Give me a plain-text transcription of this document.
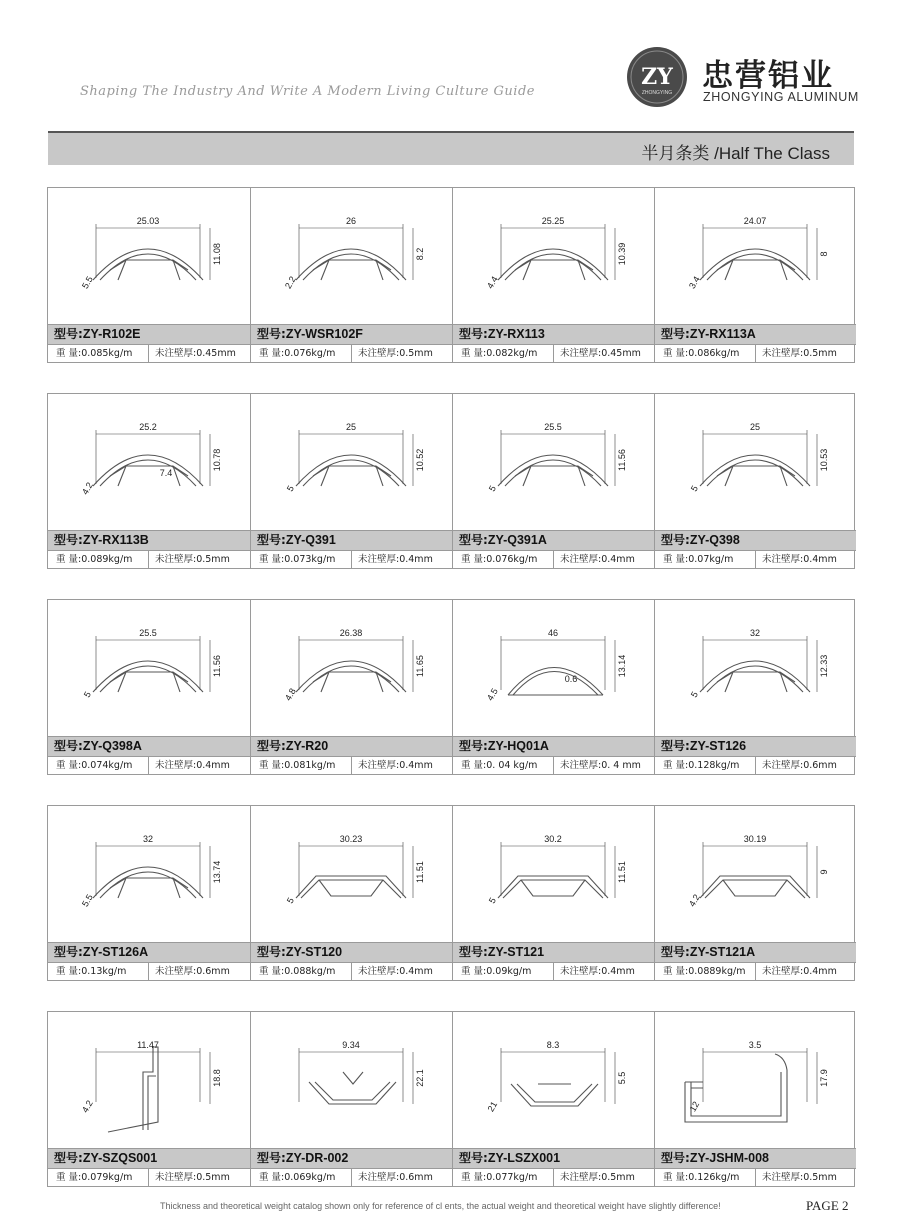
Shaping The Industry And Write A Modern Living Culture Guide
ZY
ZHONGYING 忠营铝业
ZHONGYING ALUMINUM
半月条类 /Half The Class
25.03
11.08
5.5
型号:ZY-R102E
重 量:0.085kg/m	未注壁厚:0.45mm
26
8.2
2.2
型号:ZY-WSR102F
重 量:0.076kg/m	未注壁厚:0.5mm
25.25
10.39
4.4
型号:ZY-RX113
重 量:0.082kg/m	未注壁厚:0.45mm
24.07
8
3.4
型号:ZY-RX113A
重 量:0.086kg/m	未注壁厚:0.5mm
25.2
10.78
4.2
7.4
型号:ZY-RX113B
重 量:0.089kg/m	未注壁厚:0.5mm
25
10.52
5
型号:ZY-Q391
重 量:0.073kg/m	未注壁厚:0.4mm
25.5
11.56
5
型号:ZY-Q391A
重 量:0.076kg/m	未注壁厚:0.4mm
25
10.53
5
型号:ZY-Q398
重 量:0.07kg/m	未注壁厚:0.4mm
25.5
11.56
5
型号:ZY-Q398A
重 量:0.074kg/m	未注壁厚:0.4mm
26.38
11.65
4.8
型号:ZY-R20
重 量:0.081kg/m	未注壁厚:0.4mm
46
13.14
4.5
0.6
型号:ZY-HQ01A
重 量:0. 04 kg/m	未注壁厚:0. 4 mm
32
12.33
5
型号:ZY-ST126
重 量:0.128kg/m	未注壁厚:0.6mm
32
13.74
5.5
型号:ZY-ST126A
重 量:0.13kg/m	未注壁厚:0.6mm
30.23
11.51
5
型号:ZY-ST120
重 量:0.088kg/m	未注壁厚:0.4mm
30.2
11.51
5
型号:ZY-ST121
重 量:0.09kg/m	未注壁厚:0.4mm
30.19
9
4.2
型号:ZY-ST121A
重 量:0.0889kg/m	未注壁厚:0.4mm
11.47
18.8
4.2
型号:ZY-SZQS001
重 量:0.079kg/m	未注壁厚:0.5mm
9.34
22.1
型号:ZY-DR-002
重 量:0.069kg/m	未注壁厚:0.6mm
8.3
5.5
21
型号:ZY-LSZX001
重 量:0.077kg/m	未注壁厚:0.5mm
3.5
17.9
12
型号:ZY-JSHM-008
重 量:0.126kg/m	未注壁厚:0.5mm
Thickness and theoretical weight catalog shown only for reference of cl ents, the actual weight and theoretical weight have slightly difference!	PAGE 2
